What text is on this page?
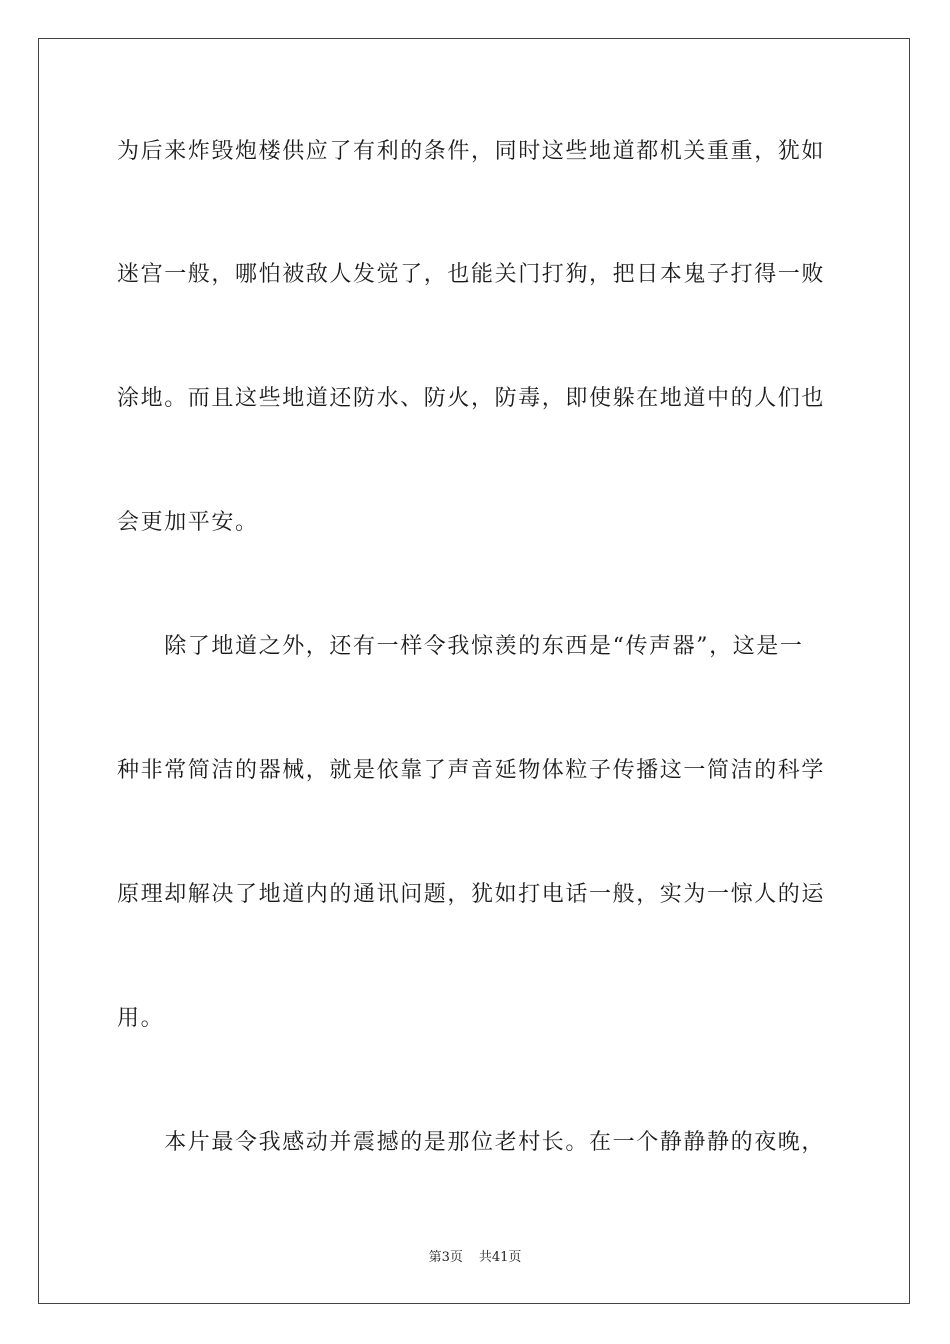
为后来炸毁炮楼供应了有利的条件，同时这些地道都机关重重，犹如
迷宫一般，哪怕被敌人发觉了，也能关门打狗，把日本鬼子打得一败
涂地。而且这些地道还防水、防火，防毒，即使躲在地道中的人们也
会更加平安。
　　除了地道之外，还有一样令我惊羡的东西是“传声器”，这是一
种非常简洁的器械，就是依靠了声音延物体粒子传播这一简洁的科学
原理却解决了地道内的通讯问题，犹如打电话一般，实为一惊人的运
用。
　　本片最令我感动并震撼的是那位老村长。在一个静静静的夜晚，
第3页 共41页
